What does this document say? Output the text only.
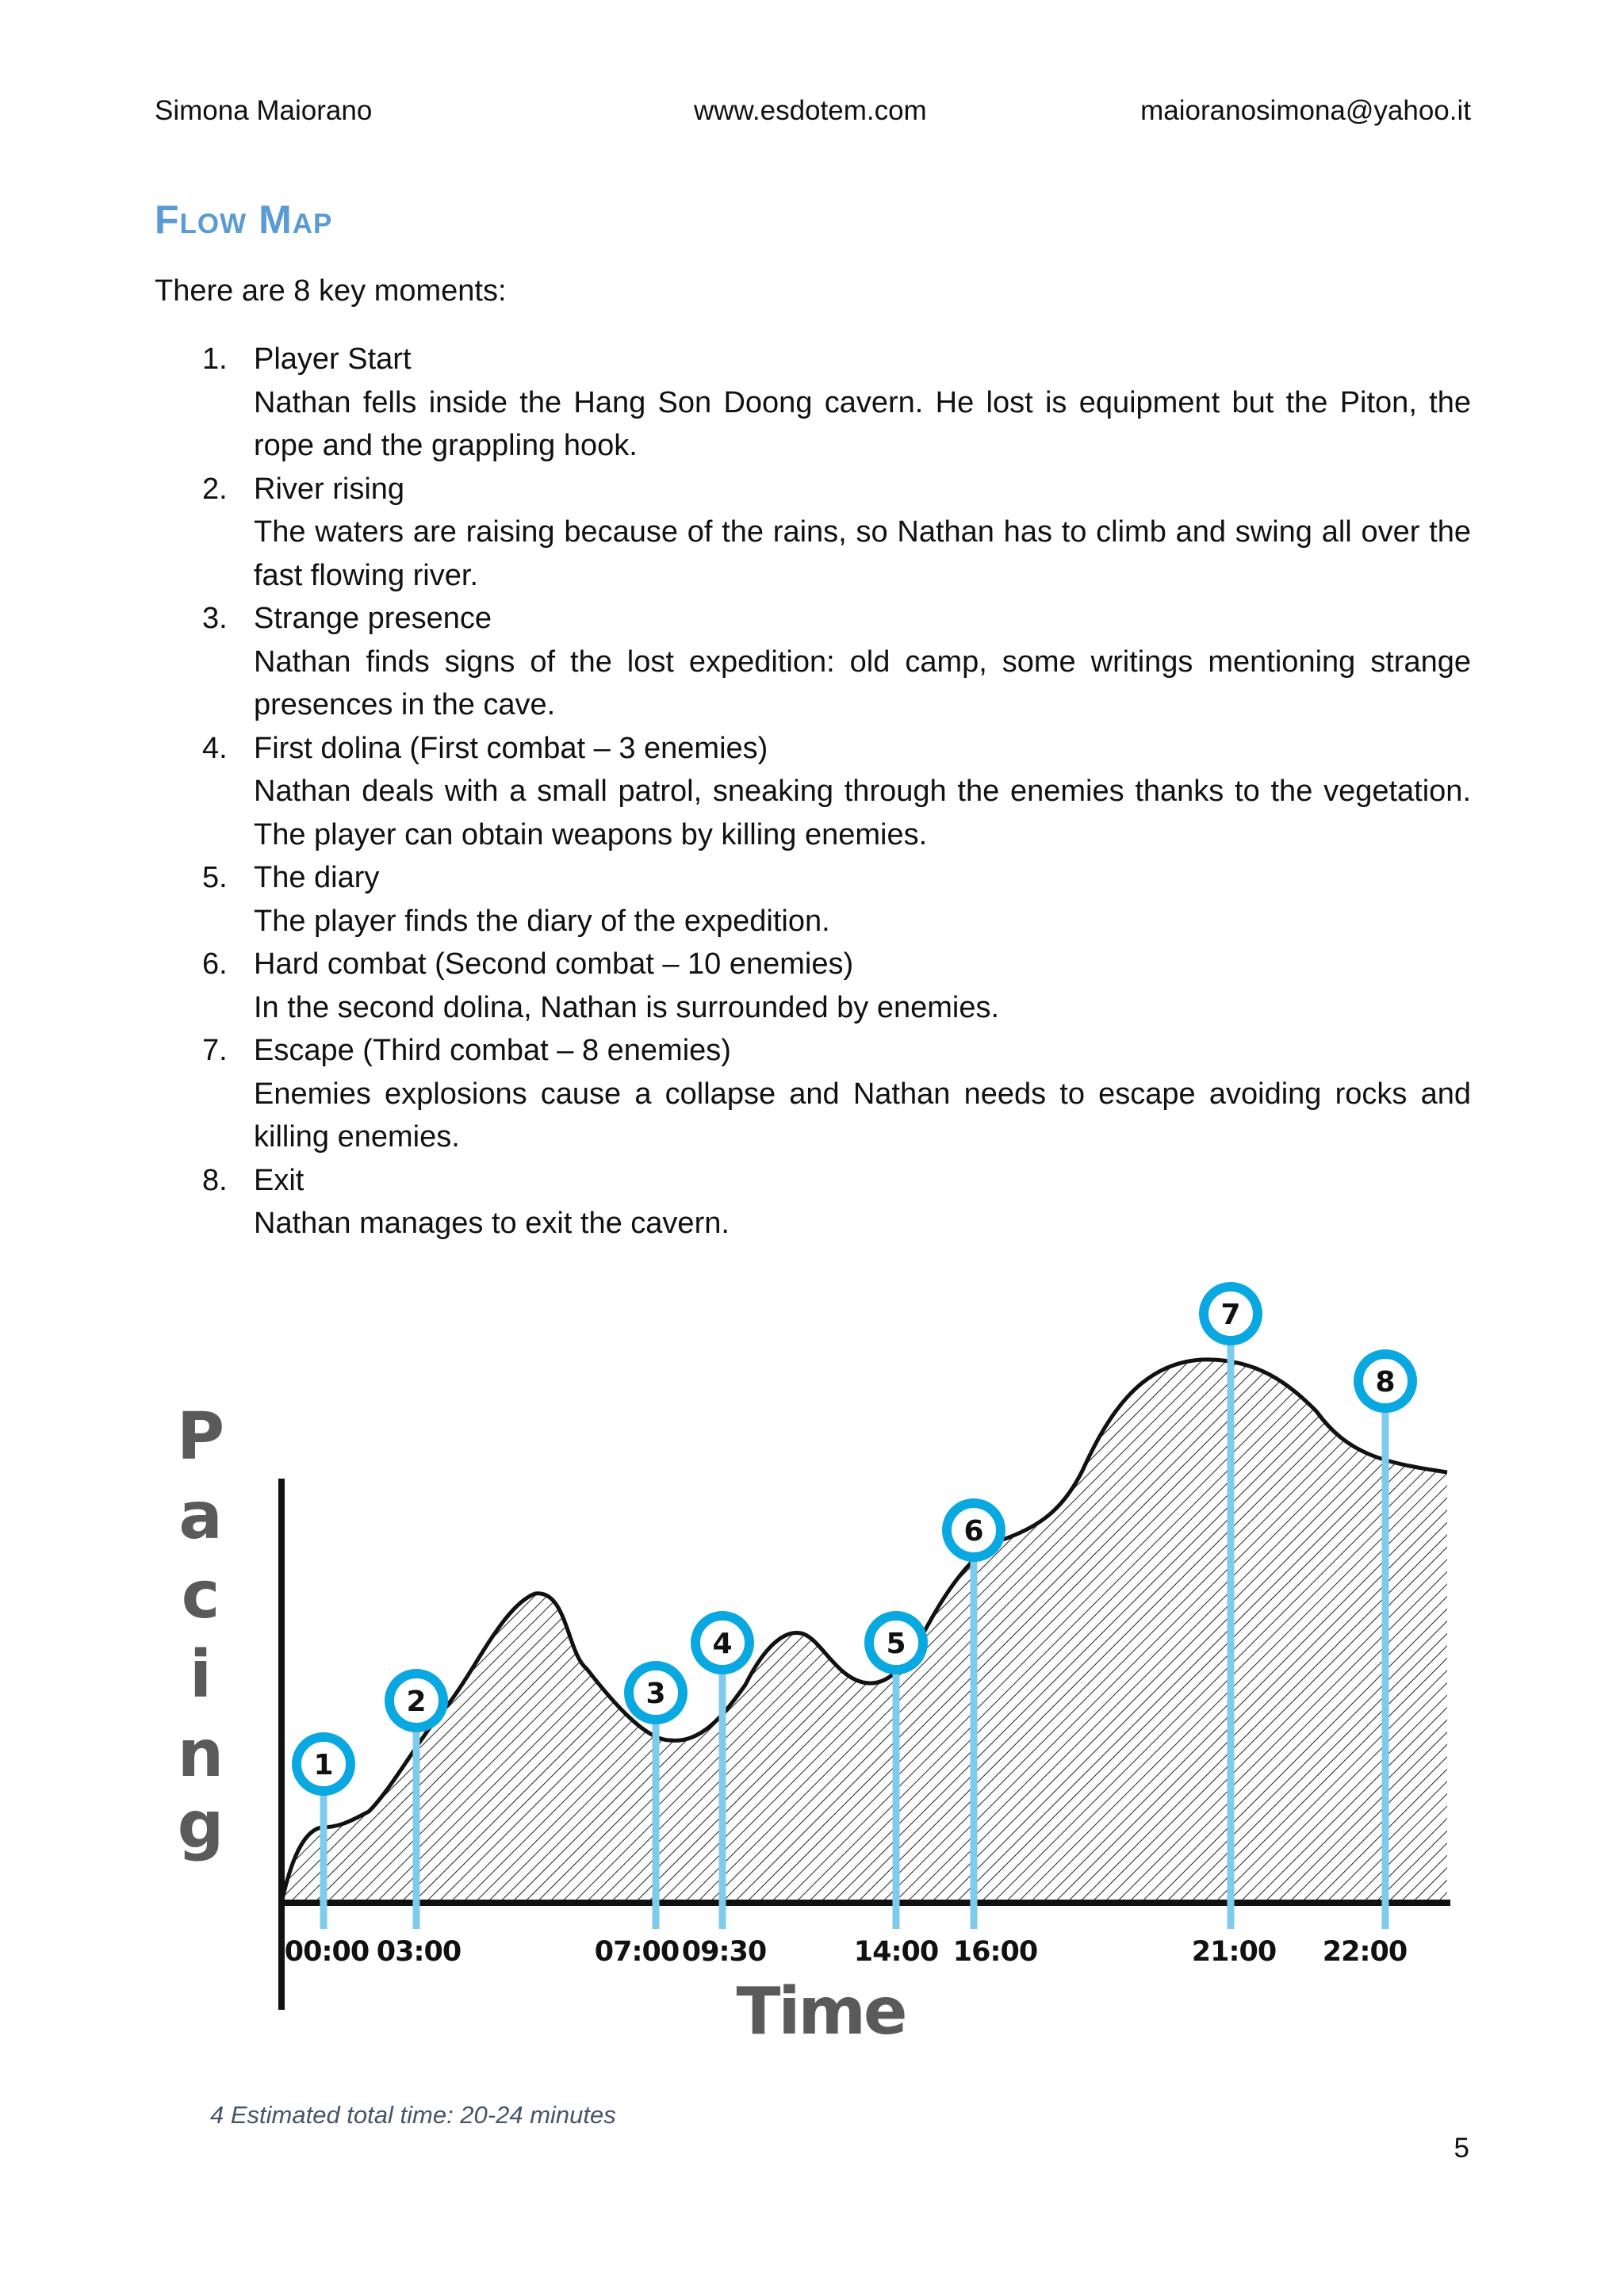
Simona Maiorano	www.esdotem.com	maioranosimona@yahoo.it
Flow Map
There are 8 key moments:
1. Player Start
Nathan fells inside the Hang Son Doong cavern. He lost is equipment but the Piton, the rope and the grappling hook.
2. River rising
The waters are raising because of the rains, so Nathan has to climb and swing all over the fast flowing river.
3. Strange presence
Nathan finds signs of the lost expedition: old camp, some writings mentioning strange presences in the cave.
4. First dolina (First combat – 3 enemies)
Nathan deals with a small patrol, sneaking through the enemies thanks to the vegetation. The player can obtain weapons by killing enemies.
5. The diary
The player finds the diary of the expedition.
6. Hard combat (Second combat – 10 enemies)
In the second dolina, Nathan is surrounded by enemies.
7. Escape (Third combat – 8 enemies)
Enemies explosions cause a collapse and Nathan needs to escape avoiding rocks and killing enemies.
8. Exit
Nathan manages to exit the cavern.
P
a
c
i
n
g
1
2	3
4	5
6
7
8
00:00 03:00	07:00 09:30	14:00 16:00	21:00 22:00
Time
4 Estimated total time: 20-24 minutes
5
